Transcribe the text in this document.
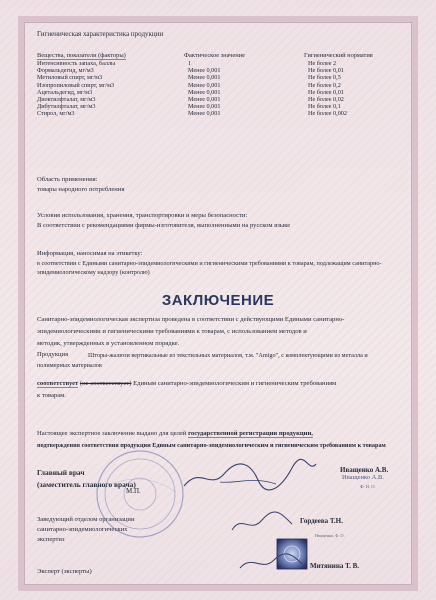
Гигиеническая характеристика продукции
Вещества, показатели (факторы)	Фактическое значение	Гигиенический норматив
Интенсивность запаха, баллы	1	Не более 2
Формальдегид, мг/м3	Менее 0,001	Не более 0,01
Метиловый спирт, мг/м3	Менее 0,001	Не более 0,5
Изопропиловый спирт, мг/м3	Менее 0,001	Не более 0,2
Ацетальдегид, мг/м3	Менее 0,001	Не более 0,01
Диоктилфталат, мг/м3	Менее 0,001	Не более 0,02
Дибутилфталат, мг/м3	Менее 0,001	Не более 0,1
Стирол, мг/м3	Менее 0,001	Не более 0,002
Область применения:
товары народного потребления
Условия использования, хранения, транспортировки и меры безопасности:
В соответствии с рекомендациями фирмы-изготовителя, выполненными на русском языке
Информация, наносимая на этикетку:
в соответствии с Едиными санитарно-эпидемиологическими и гигиеническими требованиями к товарам, подлежащим санитарно-
эпидемиологическому надзору (контролю)
ЗАКЛЮЧЕНИЕ
Санитарно-эпидемиологическая экспертиза проведена в соответствии с действующими Едиными санитарно-
эпидемиологическими и гигиеническими требованиями к товарам, с использованием методов и
методик, утвержденных в установленном порядке.
Продукция	Шторы-жалюзи вертикальные из текстильных материалов, т.м. "Amigo", с комплектующими из металла и
полимерных материалов
соответствует (не соответствует) Единым санитарно-эпидемиологическим и гигиеническим требованиям
к товарам.
Настоящее экспертное заключение выдано для целей государственной регистрации продукции,
подтверждения соответствия продукции Единым санитарно-эпидемиологическим и гигиеническим требованиям к товарам
Главный врач
(заместитель главного врача)
Иващенко А.В.
Иващенко А.В.
Ф. И. О.
М.П.
Заведующий отделом организации
санитарно-эпидемиологических
экспертиз
Гордеева Т.Н.
Иващенко, Ф. О.
Эксперт (эксперты)
Митянина Т. В.
